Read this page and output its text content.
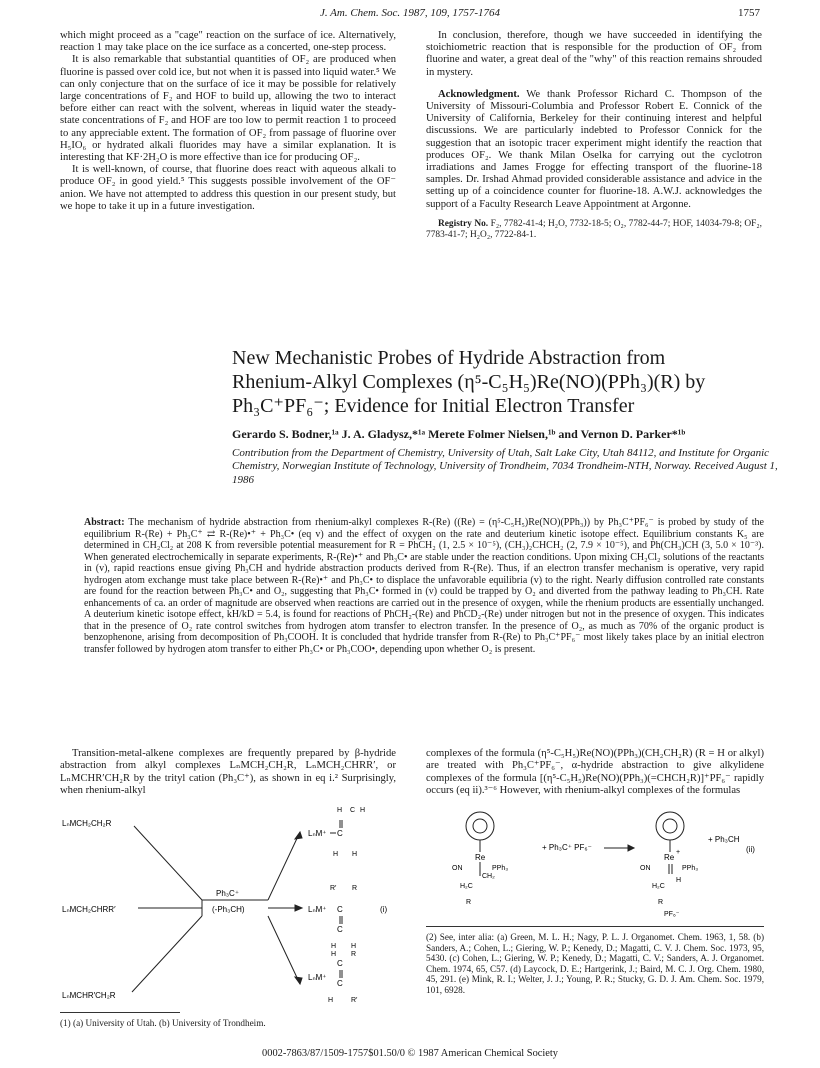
J. Am. Chem. Soc. 1987, 109, 1757-1764	1757

which might proceed as a "cage" reaction on the surface of ice. Alternatively, reaction 1 may take place on the ice surface as a concerted, one-step process.

It is also remarkable that substantial quantities of OF₂ are produced when fluorine is passed over cold ice, but not when it is passed into liquid water.⁵ We can only conjecture that on the surface of ice it may be possible for relatively large concentrations of F₂ and HOF to build up, allowing the two to interact before either can react with the solvent, whereas in liquid water the steady-state concentrations of F₂ and HOF are too low to permit reaction 1 to proceed to any appreciable extent. The formation of OF₂ from passage of fluorine over H₅IO₆ or hydrated alkali fluorides may have a similar explanation. It is interesting that KF·2H₂O is more effective than ice for producing OF₂.

It is well-known, of course, that fluorine does react with aqueous alkali to produce OF₂ in good yield.⁵ This suggests possible involvement of the OF⁻ anion. We have not attempted to address this question in our present study, but we hope to take it up in a future investigation.

In conclusion, therefore, though we have succeeded in identifying the stoichiometric reaction that is responsible for the production of OF₂ from fluorine and water, a great deal of the "why" of this reaction remains shrouded in mystery.

Acknowledgment. We thank Professor Richard C. Thompson of the University of Missouri-Columbia and Professor Robert E. Connick of the University of California, Berkeley for their continuing interest and helpful discussions. We are particularly indebted to Professor Connick for the suggestion that an isotopic tracer experiment might identify the reaction that produces OF₂. We thank Milan Oselka for carrying out the cyclotron irradiations and James Frogge for effecting transport of the fluorine-18 samples. Dr. Irshad Ahmad provided considerable assistance and advice in the setting up of a coincidence counter for fluorine-18. A.W.J. acknowledges the support of a Faculty Research Leave Appointment at Argonne.

Registry No. F₂, 7782-41-4; H₂O, 7732-18-5; O₂, 7782-44-7; HOF, 14034-79-8; OF₂, 7783-41-7; H₂O₂, 7722-84-1.

New Mechanistic Probes of Hydride Abstraction from
Rhenium-Alkyl Complexes (η⁵-C₅H₅)Re(NO)(PPh₃)(R) by
Ph₃C⁺PF₆⁻; Evidence for Initial Electron Transfer
Gerardo S. Bodner,¹ᵃ J. A. Gladysz,*¹ᵃ Merete Folmer Nielsen,¹ᵇ and Vernon D. Parker*¹ᵇ
Contribution from the Department of Chemistry, University of Utah, Salt Lake City, Utah 84112, and Institute for Organic Chemistry, Norwegian Institute of Technology, University of Trondheim, 7034 Trondheim-NTH, Norway. Received August 1, 1986
Abstract: The mechanism of hydride abstraction from rhenium-alkyl complexes R-(Re) ((Re) = (η⁵-C₅H₅)Re(NO)(PPh₃)) by Ph₃C⁺PF₆⁻ is probed by study of the equilibrium R-(Re) + Ph₃C⁺ ⇄ R-(Re)•⁺ + Ph₃C• (eq v) and the effect of oxygen on the rate and deuterium kinetic isotope effect. Equilibrium constants K₅ are determined in CH₂Cl₂ at 208 K from reversible potential measurement for R = PhCH₂ (1, 2.5 × 10⁻⁵), (CH₃)₂CHCH₂ (2, 7.9 × 10⁻⁵), and Ph(CH₃)CH (3, 5.0 × 10⁻³). When generated electrochemically in separate experiments, R-(Re)•⁺ and Ph₃C• are stable under the reaction conditions. Upon mixing CH₂Cl₂ solutions of the reactants in (v), rapid reactions ensue giving Ph₃CH and hydride abstraction products derived from R-(Re). Thus, if an electron transfer mechanism is operative, very rapid hydrogen atom exchange must take place between R-(Re)•⁺ and Ph₃C• to displace the unfavorable equilibria (v) to the right. Nearly diffusion controlled rate constants are found for the reaction between Ph₃C• and O₂, suggesting that Ph₃C• formed in (v) could be trapped by O₂ and diverted from the pathway leading to Ph₃CH. Rate enhancements of ca. an order of magnitude are observed when reactions are carried out in the presence of oxygen, while the rhenium products are essentially unchanged. A deuterium kinetic isotope effect, kH/kD = 5.4, is found for reactions of PhCH₂-(Re) and PhCD₂-(Re) under nitrogen but not in the presence of oxygen. This indicates that in the presence of O₂ rate control switches from hydrogen atom transfer to electron transfer. In the presence of O₂, as much as 70% of the organic product is benzophenone, arising from decomposition of Ph₃COOH. It is concluded that hydride transfer from R-(Re) to Ph₃C⁺PF₆⁻ most likely takes place by an initial electron transfer followed by hydrogen atom transfer to either Ph₃C• or Ph₃COO•, depending upon whether O₂ is present.

Transition-metal-alkene complexes are frequently prepared by β-hydride abstraction from alkyl complexes LₙMCH₂CH₂R, LₙMCH₂CHRR′, or LₙMCHR′CH₂R by the trityl cation (Ph₃C⁺), as shown in eq i.² Surprisingly, when rhenium-alkyl

complexes of the formula (η⁵-C₅H₅)Re(NO)(PPh₃)(CH₂CH₂R) (R = H or alkyl) are treated with Ph₃C⁺PF₆⁻, α-hydride abstraction to give alkylidene complexes of the formula [(η⁵-C₅H₅)Re(NO)(PPh₃)(=CHCH₂R)]⁺PF₆⁻ rapidly occurs (eq ii).³⁻⁶ However, with rhenium-alkyl complexes of the formulas

LₙMCH₂CH₂R
LₙMCH₂CHRR′
LₙMCHR′CH₂R
Ph₃C⁺
(-Ph₃CH)
LₙM⁺ C
H C H
H H
LₙM⁺ C
R′ R
C
H H
(i)
LₙM⁺
C
H R
C
H	R′
(1) (a) University of Utah. (b) University of Trondheim.
Re
ON	PPh₃
CH₂
H₂C
R
+ Ph₃C⁺ PF₆⁻
Re
+
ON	PPh₃
H
H₂C
R
PF₆⁻
+ Ph₃CH
(ii)
(2) See, inter alia: (a) Green, M. L. H.; Nagy, P. L. J. Organomet. Chem. 1963, 1, 58. (b) Sanders, A.; Cohen, L.; Giering, W. P.; Kenedy, D.; Magatti, C. V. J. Chem. Soc. 1973, 95, 5430. (c) Cohen, L.; Giering, W. P.; Kenedy, D.; Magatti, C. V.; Sanders, A. J. Organomet. Chem. 1974, 65, C57. (d) Laycock, D. E.; Hartgerink, J.; Baird, M. C. J. Org. Chem. 1980, 45, 291. (e) Mink, R. I.; Welter, J. J.; Young, P. R.; Stucky, G. D. J. Am. Chem. Soc. 1979, 101, 6928.
0002-7863/87/1509-1757$01.50/0 © 1987 American Chemical Society
